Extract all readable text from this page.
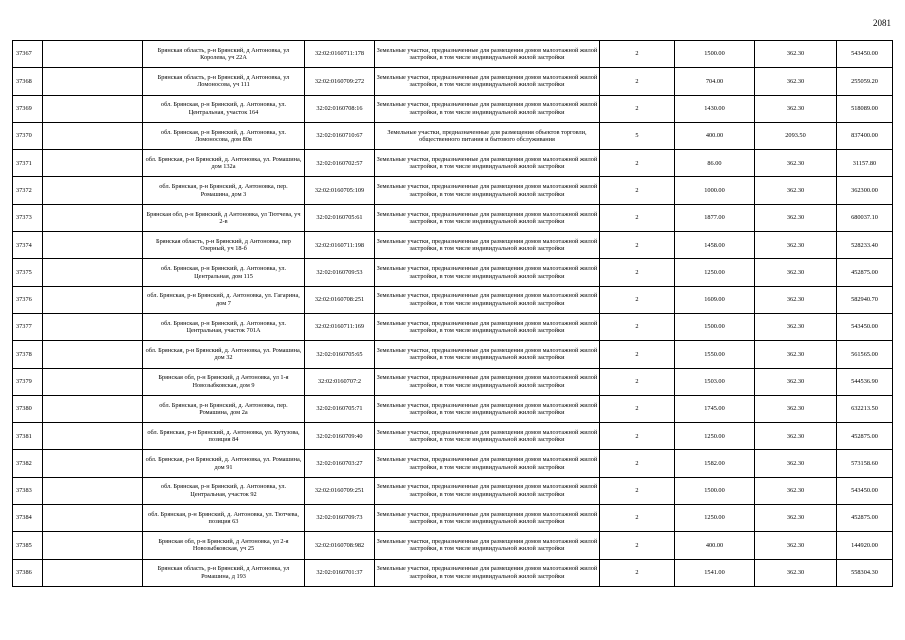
2081
37367		Брянская область, р-н Брянский, д Антоновка, ул Королева, уч 22А	32:02:0160711:178	Земельные участки, предназначенные для размещения домов малоэтажной жилой застройки, в том числе индивидуальной жилой застройки	2	1500.00	362.30	543450.00
37368		Брянская область, р-н Брянский, д Антоновка, ул Ломоносова, уч 111	32:02:0160709:272	Земельные участки, предназначенные для размещения домов малоэтажной жилой застройки, в том числе индивидуальной жилой застройки	2	704.00	362.30	255059.20
37369		обл. Брянская, р-н Брянский, д. Антоновка, ул. Центральная, участок 164	32:02:0160708:16	Земельные участки, предназначенные для размещения домов малоэтажной жилой застройки, в том числе индивидуальной жилой застройки	2	1430.00	362.30	518089.00
37370		обл. Брянская, р-н Брянский, д. Антоновка, ул. Ломоносова, дом 80в	32:02:0160710:67	Земельные участки, предназначенные для размещения объектов торговли, общественного питания и бытового обслуживания	5	400.00	2093.50	837400.00
37371		обл. Брянская, р-н Брянский, д. Антоновка, ул. Ромашина, дом 132а	32:02:0160702:57	Земельные участки, предназначенные для размещения домов малоэтажной жилой застройки, в том числе индивидуальной жилой застройки	2	86.00	362.30	31157.80
37372		обл. Брянская, р-н Брянский, д. Антоновка, пер. Ромашина, дом 3	32:02:0160705:109	Земельные участки, предназначенные для размещения домов малоэтажной жилой застройки, в том числе индивидуальной жилой застройки	2	1000.00	362.30	362300.00
37373		Брянская обл, р-н Брянский, д Антоновка, ул Тютчева, уч 2-в	32:02:0160705:61	Земельные участки, предназначенные для размещения домов малоэтажной жилой застройки, в том числе индивидуальной жилой застройки	2	1877.00	362.30	680037.10
37374		Брянская область, р-н Брянский, д Антоновка, пер Озерный, уч 18-б	32:02:0160711:198	Земельные участки, предназначенные для размещения домов малоэтажной жилой застройки, в том числе индивидуальной жилой застройки	2	1458.00	362.30	528233.40
37375		обл. Брянская, р-н Брянский, д. Антоновка, ул. Центральная, дом 115	32:02:0160709:53	Земельные участки, предназначенные для размещения домов малоэтажной жилой застройки, в том числе индивидуальной жилой застройки	2	1250.00	362.30	452875.00
37376		обл. Брянская, р-н Брянский, д. Антоновка, ул. Гагарина, дом 7	32:02:0160708:251	Земельные участки, предназначенные для размещения домов малоэтажной жилой застройки, в том числе индивидуальной жилой застройки	2	1609.00	362.30	582940.70
37377		обл. Брянская, р-н Брянский, д. Антоновка, ул. Центральная, участок 701А	32:02:0160711:169	Земельные участки, предназначенные для размещения домов малоэтажной жилой застройки, в том числе индивидуальной жилой застройки	2	1500.00	362.30	543450.00
37378		обл. Брянская, р-н Брянский, д. Антоновка, ул. Ромашина, дом 32	32:02:0160705:65	Земельные участки, предназначенные для размещения домов малоэтажной жилой застройки, в том числе индивидуальной жилой застройки	2	1550.00	362.30	561565.00
37379		Брянская обл, р-н Брянский, д Антоновка, ул 1-я Новозыбковская, дом 9	32:02:0160707:2	Земельные участки, предназначенные для размещения домов малоэтажной жилой застройки, в том числе индивидуальной жилой застройки	2	1503.00	362.30	544536.90
37380		обл. Брянская, р-н Брянский, д. Антоновка, пер. Ромашина, дом 2а	32:02:0160705:71	Земельные участки, предназначенные для размещения домов малоэтажной жилой застройки, в том числе индивидуальной жилой застройки	2	1745.00	362.30	632213.50
37381		обл. Брянская, р-н Брянский, д. Антоновка, ул. Кутузова, позиция 84	32:02:0160709:40	Земельные участки, предназначенные для размещения домов малоэтажной жилой застройки, в том числе индивидуальной жилой застройки	2	1250.00	362.30	452875.00
37382		обл. Брянская, р-н Брянский, д. Антоновка, ул. Ромашина, дом 91	32:02:0160703:27	Земельные участки, предназначенные для размещения домов малоэтажной жилой застройки, в том числе индивидуальной жилой застройки	2	1582.00	362.30	573158.60
37383		обл. Брянская, р-н Брянский, д. Антоновка, ул. Центральная, участок 92	32:02:0160709:251	Земельные участки, предназначенные для размещения домов малоэтажной жилой застройки, в том числе индивидуальной жилой застройки	2	1500.00	362.30	543450.00
37384		обл. Брянская, р-н Брянский, д. Антоновка, ул. Тютчева, позиция 63	32:02:0160709:73	Земельные участки, предназначенные для размещения домов малоэтажной жилой застройки, в том числе индивидуальной жилой застройки	2	1250.00	362.30	452875.00
37385		Брянская обл, р-н Брянский, д Антоновка, ул 2-я Новозыбковская, уч 25	32:02:0160708:982	Земельные участки, предназначенные для размещения домов малоэтажной жилой застройки, в том числе индивидуальной жилой застройки	2	400.00	362.30	144920.00
37386		Брянская область, р-н Брянский, д Антоновка, ул Ромашина, д 193	32:02:0160701:37	Земельные участки, предназначенные для размещения домов малоэтажной жилой застройки, в том числе индивидуальной жилой застройки	2	1541.00	362.30	558304.30
